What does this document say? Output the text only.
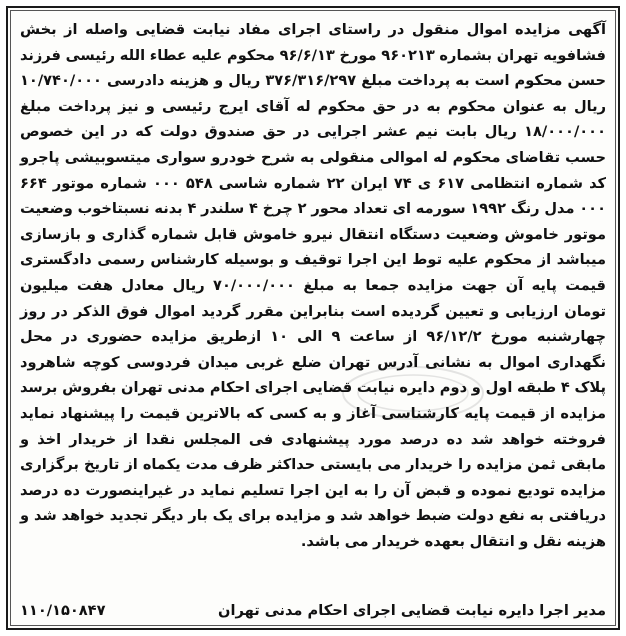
آگهی مزایده اموال منقول در راستای اجرای مفاد نیابت قضایی واصله از بخش فشافویه تهران بشماره ۹۶۰۲۱۳ مورخ ۹۶/۶/۱۳ محکوم علیه عطاء الله رئیسی فرزند حسن محکوم است به پرداخت مبلغ ۳۷۶/۳۱۶/۲۹۷ ریال و هزینه دادرسی ۱۰/۷۴۰/۰۰۰ ریال به عنوان محکوم به در حق محکوم له آقای ایرج رئیسی و نیز پرداخت مبلغ ۱۸/۰۰۰/۰۰۰ ریال بابت نیم عشر اجرایی در حق صندوق دولت که در این خصوص حسب تقاضای محکوم له اموالی منقولی به شرح خودرو سواری میتسوبیشی پاجرو کد شماره انتظامی ۶۱۷ ی ۷۴ ایران ۲۲ شماره شاسی ۵۴۸ ۰۰۰ شماره موتور ۶۶۴ ۰۰۰ مدل رنگ ۱۹۹۲ سورمه ای تعداد محور ۲ چرخ ۴ سلندر ۴ بدنه نسبتاخوب وضعیت موتور خاموش وضعیت دستگاه انتقال نیرو خاموش قابل شماره گذاری و بازسازی میباشد از محکوم علیه توط این اجرا توقیف و بوسیله کارشناس رسمی دادگستری قیمت پایه آن جهت مزایده جمعا به مبلغ ۷۰/۰۰۰/۰۰۰ ریال معادل هفت میلیون تومان ارزیابی و تعیین گردیده است بنابراین مقرر گردید اموال فوق الذکر در روز چهارشنبه مورخ ۹۶/۱۲/۲ از ساعت ۹ الی ۱۰ ازطریق مزایده حضوری در محل نگهداری اموال به نشانی آدرس تهران ضلع غربی میدان فردوسی کوچه شاهرود پلاک ۴ طبقه اول و دوم دایره نیابت قضایی اجرای احکام مدنی تهران بفروش برسد مزایده از قیمت پایه کارشناسی آغاز و به کسی که بالاترین قیمت را پیشنهاد نماید فروخته خواهد شد ده درصد مورد پیشنهادی فی المجلس نقدا از خریدار اخذ و مابقی ثمن مزایده را خریدار می بایستی حداکثر ظرف مدت یکماه از تاریخ برگزاری مزایده تودیع نموده و قبض آن را به این اجرا تسلیم نماید در غیراینصورت ده درصد دریافتی به نفع دولت ضبط خواهد شد و مزایده برای یک بار دیگر تجدید خواهد شد و هزینه نقل و انتقال بعهده خریدار می باشد.

مدیر اجرا دایره نیابت قضایی اجرای احکام مدنی تهران
۱۱۰/۱۵۰۸۴۷
